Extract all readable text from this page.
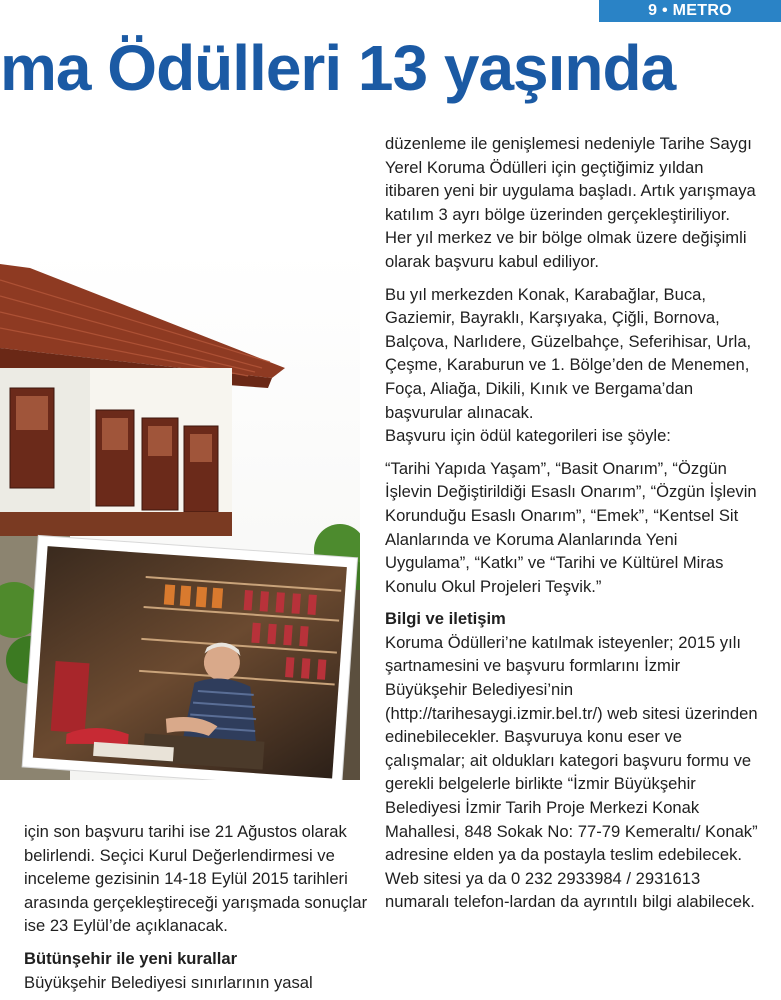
9 • METRO
ma Ödülleri 13 yaşında

için son başvuru tarihi ise 21 Ağustos olarak belirlendi. Seçici Kurul Değerlendirmesi ve inceleme gezisinin 14-18 Eylül 2015 tarihleri arasında gerçekleştireceği yarışmada sonuçlar ise 23 Eylül’de açıklanacak.

Bütünşehir ile yeni kurallar
Büyükşehir Belediyesi sınırlarının yasal

düzenleme ile genişlemesi nedeniyle Tarihe Saygı Yerel Koruma Ödülleri için geçtiğimiz yıldan itibaren yeni bir uygulama başladı. Artık yarışmaya katılım 3 ayrı bölge üzerinden gerçekleştiriliyor. Her yıl merkez ve bir bölge olmak üzere değişimli olarak başvuru kabul ediliyor.

Bu yıl merkezden Konak, Karabağlar, Buca, Gaziemir, Bayraklı, Karşıyaka, Çiğli, Bornova, Balçova, Narlıdere, Güzelbahçe, Seferihisar, Urla, Çeşme, Karaburun ve 1. Bölge’den de Menemen, Foça, Aliağa, Dikili, Kınık ve Bergama’dan başvurular alınacak.

Başvuru için ödül kategorileri ise şöyle:

“Tarihi Yapıda Yaşam”, “Basit Onarım”, “Özgün İşlevin Değiştirildiği Esaslı Onarım”, “Özgün İşlevin Korunduğu Esaslı Onarım”, “Emek”, “Kentsel Sit Alanlarında ve Koruma Alanlarında Yeni Uygulama”, “Katkı” ve “Tarihi ve Kültürel Miras Konulu Okul Projeleri Teşvik.”

Bilgi ve iletişim

Koruma Ödülleri’ne katılmak isteyenler; 2015 yılı şartnamesini ve başvuru formlarını İzmir Büyükşehir Belediyesi’nin (http://tarihesaygi.izmir.bel.tr/) web sitesi üzerinden edinebilecekler. Başvuruya konu eser ve çalışmalar; ait oldukları kategori başvuru formu ve gerekli belgelerle birlikte “İzmir Büyükşehir Belediyesi İzmir Tarih Proje Merkezi Konak Mahallesi, 848 Sokak No: 77-79 Kemeraltı/ Konak” adresine elden ya da postayla teslim edebilecek. Web sitesi ya da 0 232 2933984 / 2931613 numaralı telefon-lardan da ayrıntılı bilgi alabilecek.
